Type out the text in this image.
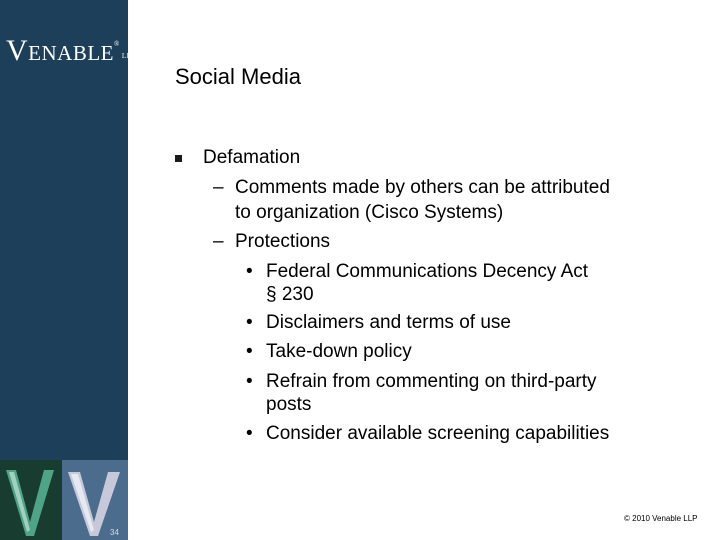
VENABLE®LLP
34
Social Media
Defamation
– Comments made by others can be attributed
to organization (Cisco Systems)
– Protections
• Federal Communications Decency Act
§ 230
• Disclaimers and terms of use
• Take-down policy
• Refrain from commenting on third-party
posts
• Consider available screening capabilities
© 2010 Venable LLP
